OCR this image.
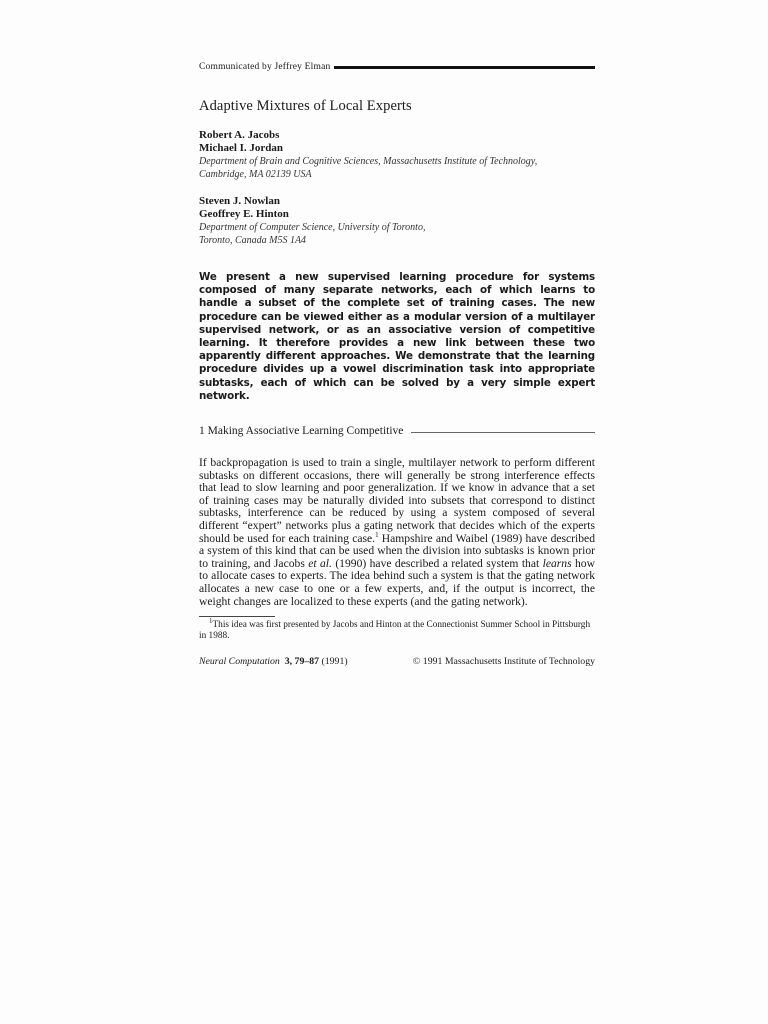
Communicated by Jeffrey Elman
Adaptive Mixtures of Local Experts
Robert A. Jacobs
Michael I. Jordan
Department of Brain and Cognitive Sciences, Massachusetts Institute of Technology,
Cambridge, MA 02139 USA
Steven J. Nowlan
Geoffrey E. Hinton
Department of Computer Science, University of Toronto,
Toronto, Canada M5S 1A4
We present a new supervised learning procedure for systems composed of many separate networks, each of which learns to handle a subset of the complete set of training cases. The new procedure can be viewed either as a modular version of a multilayer supervised network, or as an associative version of competitive learning. It therefore provides a new link between these two apparently different approaches. We demonstrate that the learning procedure divides up a vowel discrimination task into appropriate subtasks, each of which can be solved by a very simple expert network.
1 Making Associative Learning Competitive
If backpropagation is used to train a single, multilayer network to perform different subtasks on different occasions, there will generally be strong interference effects that lead to slow learning and poor generalization. If we know in advance that a set of training cases may be naturally divided into subsets that correspond to distinct subtasks, interference can be reduced by using a system composed of several different “expert” networks plus a gating network that decides which of the experts should be used for each training case.$^1$ Hampshire and Waibel (1989) have described a system of this kind that can be used when the division into subtasks is known prior to training, and Jacobs et al. (1990) have described a related system that learns how to allocate cases to experts. The idea behind such a system is that the gating network allocates a new case to one or a few experts, and, if the output is incorrect, the weight changes are localized to these experts (and the gating network).
$^1$This idea was first presented by Jacobs and Hinton at the Connectionist Summer School in Pittsburgh in 1988.
Neural Computation 3, 79–87 (1991)	© 1991 Massachusetts Institute of Technology
